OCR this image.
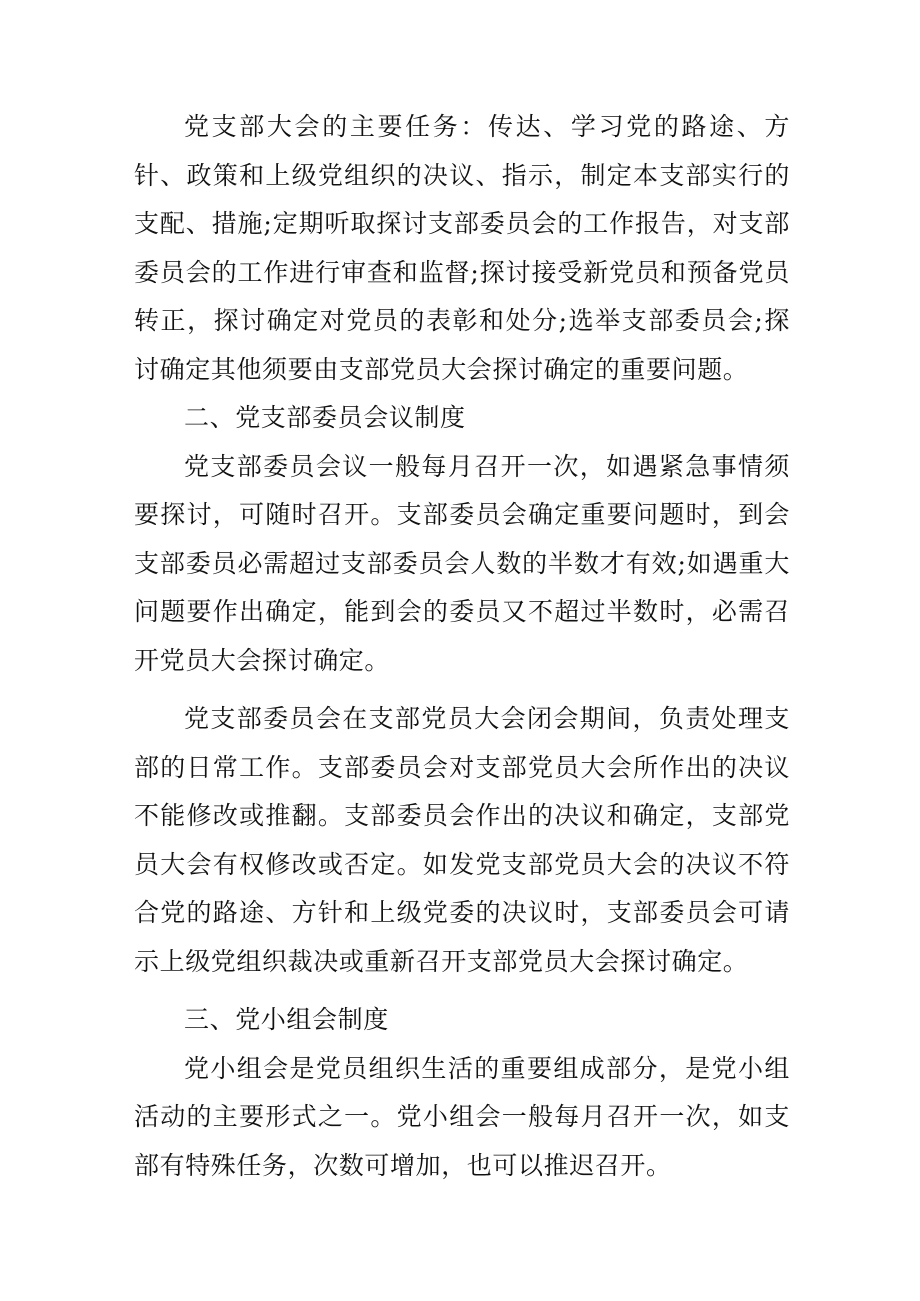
党支部大会的主要任务：传达、学习党的路途、方针、政策和上级党组织的决议、指示，制定本支部实行的支配、措施;定期听取探讨支部委员会的工作报告，对支部委员会的工作进行审查和监督;探讨接受新党员和预备党员转正，探讨确定对党员的表彰和处分;选举支部委员会;探讨确定其他须要由支部党员大会探讨确定的重要问题。

二、党支部委员会议制度

党支部委员会议一般每月召开一次，如遇紧急事情须要探讨，可随时召开。支部委员会确定重要问题时，到会支部委员必需超过支部委员会人数的半数才有效;如遇重大问题要作出确定，能到会的委员又不超过半数时，必需召开党员大会探讨确定。

党支部委员会在支部党员大会闭会期间，负责处理支部的日常工作。支部委员会对支部党员大会所作出的决议不能修改或推翻。支部委员会作出的决议和确定，支部党员大会有权修改或否定。如发党支部党员大会的决议不符合党的路途、方针和上级党委的决议时，支部委员会可请示上级党组织裁决或重新召开支部党员大会探讨确定。

三、党小组会制度

党小组会是党员组织生活的重要组成部分，是党小组活动的主要形式之一。党小组会一般每月召开一次，如支部有特殊任务，次数可增加，也可以推迟召开。
